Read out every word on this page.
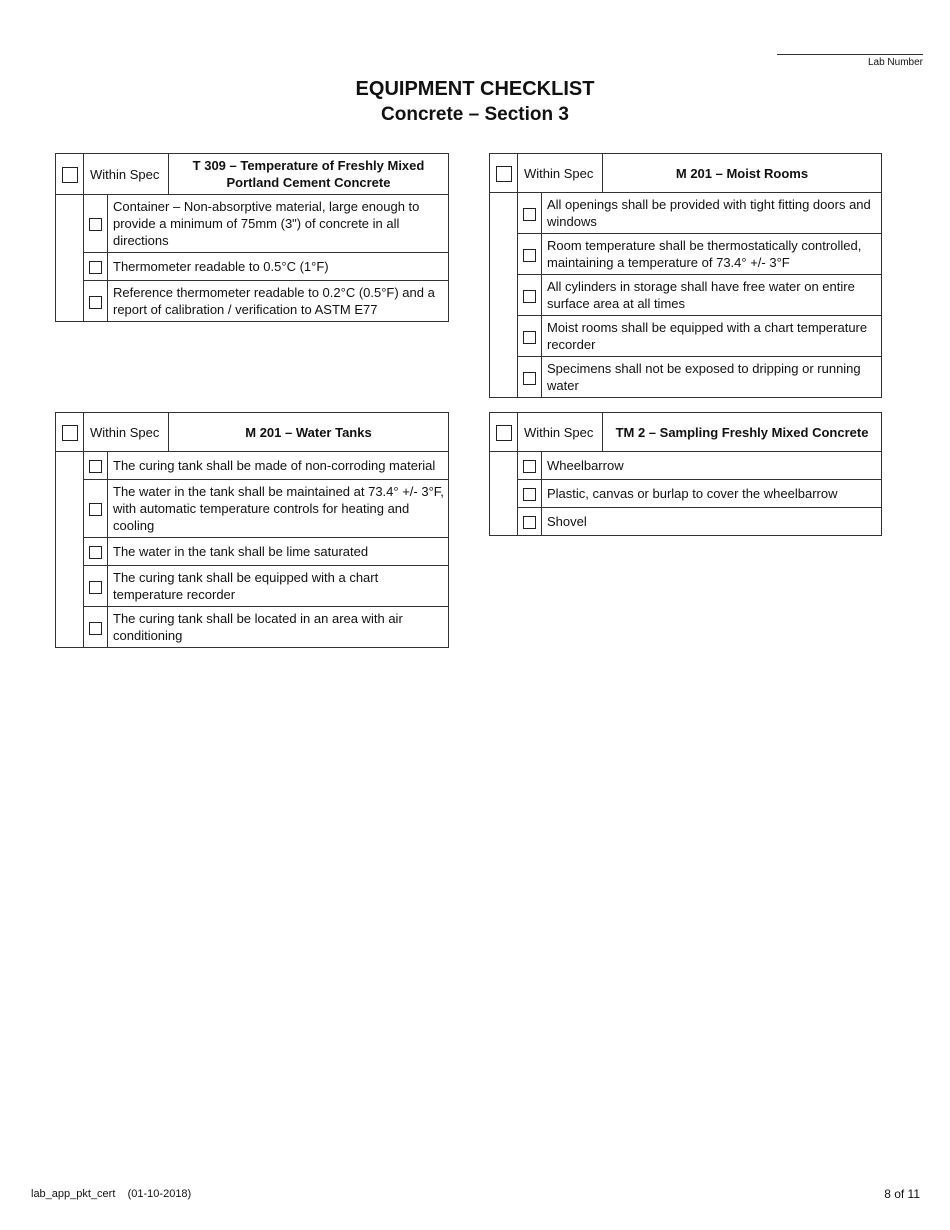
Lab Number
EQUIPMENT CHECKLIST
Concrete – Section 3
	Within Spec		T 309 – Temperature of Freshly Mixed
Portland Cement Concrete
		Container – Non-absorptive material, large enough to provide a minimum of 75mm (3") of concrete in all directions	
		Thermometer readable to 0.5°C (1°F)	
		Reference thermometer readable to 0.2°C (0.5°F) and a report of calibration / verification to ASTM E77	
	Within Spec		M 201 – Moist Rooms
		All openings shall be provided with tight fitting doors and windows	
		Room temperature shall be thermostatically controlled, maintaining a temperature of 73.4° +/- 3°F	
		All cylinders in storage shall have free water on entire surface area at all times	
		Moist rooms shall be equipped with a chart temperature recorder	
		Specimens shall not be exposed to dripping or running water	
	Within Spec		M 201 – Water Tanks
		The curing tank shall be made of non-corroding material	
		The water in the tank shall be maintained at 73.4° +/- 3°F, with automatic temperature controls for heating and cooling	
		The water in the tank shall be lime saturated	
		The curing tank shall be equipped with a chart temperature recorder	
		The curing tank shall be located in an area with air conditioning	
	Within Spec		TM 2 – Sampling Freshly Mixed Concrete
		Wheelbarrow	
		Plastic, canvas or burlap to cover the wheelbarrow	
		Shovel	
lab_app_pkt_cert    (01-10-2018)	8 of 11
